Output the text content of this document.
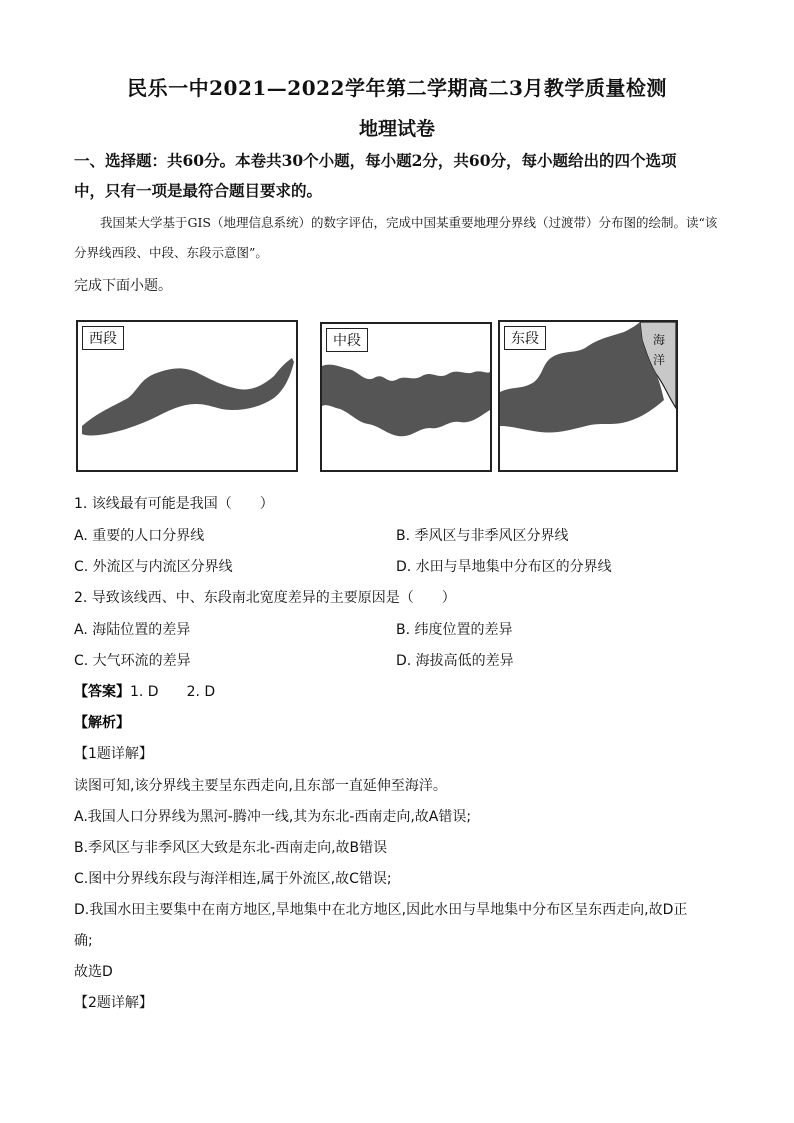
民乐一中2021—2022学年第二学期高二3月教学质量检测
地理试卷
一、选择题：共60分。本卷共30个小题，每小题2分，共60分，每小题给出的四个选项
中，只有一项是最符合题目要求的。
我国某大学基于GIS（地理信息系统）的数字评估，完成中国某重要地理分界线（过渡带）分布图的绘制。读“该分界线西段、中段、东段示意图”。
完成下面小题。
西段	中段	东段	海洋
1. 该线最有可能是我国（　　）
A. 重要的人口分界线	B. 季风区与非季风区分界线
C. 外流区与内流区分界线	D. 水田与旱地集中分布区的分界线
2. 导致该线西、中、东段南北宽度差异的主要原因是（　　）
A. 海陆位置的差异	B. 纬度位置的差异
C. 大气环流的差异	D. 海拔高低的差异
【答案】1. D　　2. D
【解析】
【1题详解】
读图可知,该分界线主要呈东西走向,且东部一直延伸至海洋。
A.我国人口分界线为黑河-腾冲一线,其为东北-西南走向,故A错误;
B.季风区与非季风区大致是东北-西南走向,故B错误
C.图中分界线东段与海洋相连,属于外流区,故C错误;
D.我国水田主要集中在南方地区,旱地集中在北方地区,因此水田与旱地集中分布区呈东西走向,故D正
确;
故选D
【2题详解】
